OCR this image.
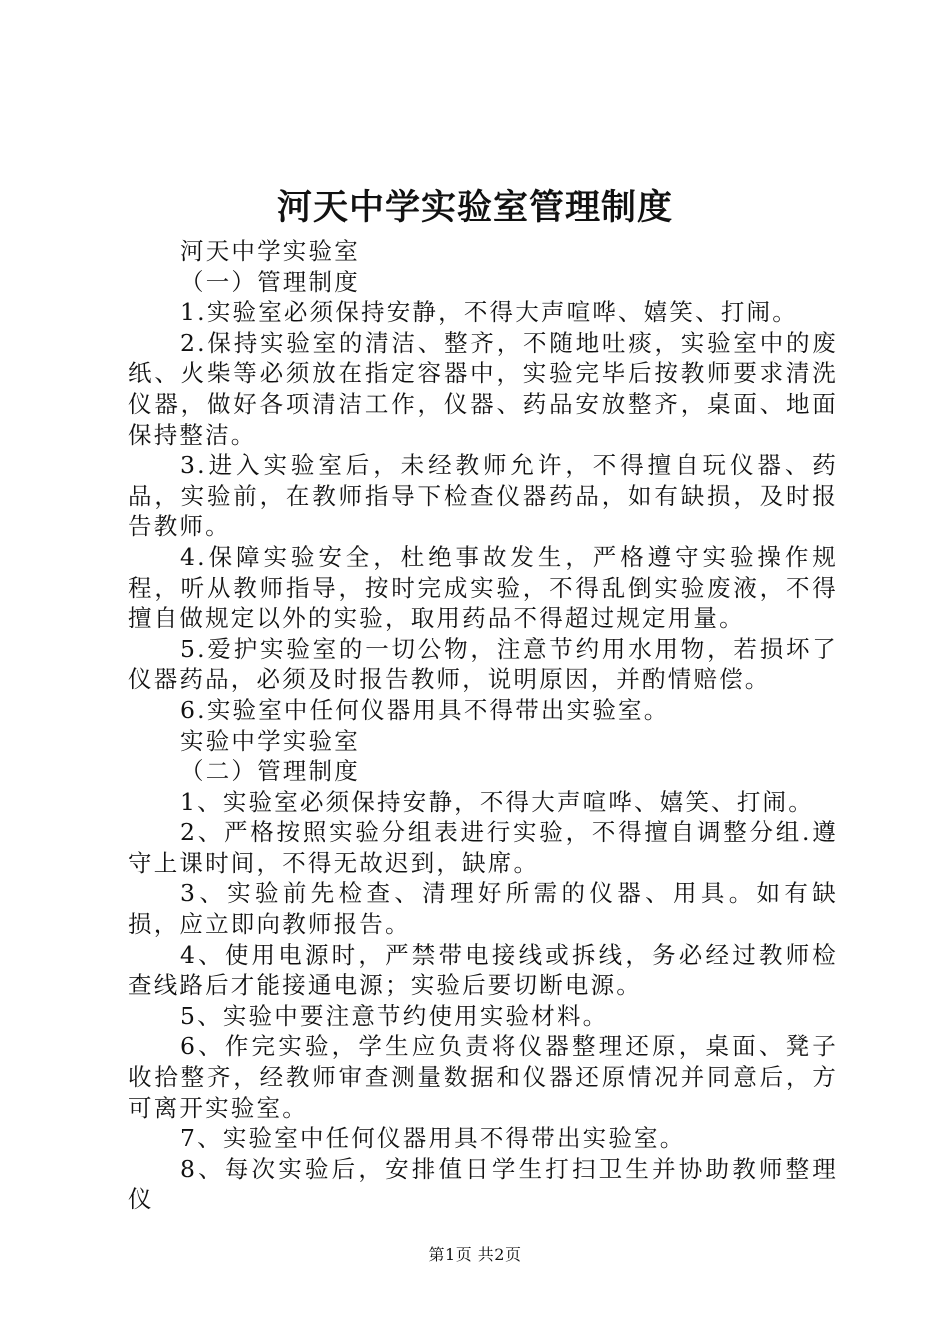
河天中学实验室管理制度

河天中学实验室

（一）管理制度

1.实验室必须保持安静，不得大声喧哗、嬉笑、打闹。

2.保持实验室的清洁、整齐，不随地吐痰，实验室中的废纸、火柴等必须放在指定容器中，实验完毕后按教师要求清洗仪器，做好各项清洁工作，仪器、药品安放整齐，桌面、地面保持整洁。

3.进入实验室后，未经教师允许，不得擅自玩仪器、药品，实验前，在教师指导下检查仪器药品，如有缺损，及时报告教师。

4.保障实验安全，杜绝事故发生，严格遵守实验操作规程，听从教师指导，按时完成实验，不得乱倒实验废液，不得擅自做规定以外的实验，取用药品不得超过规定用量。

5.爱护实验室的一切公物，注意节约用水用物，若损坏了仪器药品，必须及时报告教师，说明原因，并酌情赔偿。

6.实验室中任何仪器用具不得带出实验室。

实验中学实验室

（二）管理制度

1、实验室必须保持安静，不得大声喧哗、嬉笑、打闹。

2、严格按照实验分组表进行实验，不得擅自调整分组.遵守上课时间，不得无故迟到，缺席。

3、实验前先检查、清理好所需的仪器、用具。如有缺损，应立即向教师报告。

4、使用电源时，严禁带电接线或拆线，务必经过教师检查线路后才能接通电源；实验后要切断电源。

5、实验中要注意节约使用实验材料。

6、作完实验，学生应负责将仪器整理还原，桌面、凳子收拾整齐，经教师审查测量数据和仪器还原情况并同意后，方可离开实验室。

7、实验室中任何仪器用具不得带出实验室。

8、每次实验后，安排值日学生打扫卫生并协助教师整理仪

第1页 共2页
